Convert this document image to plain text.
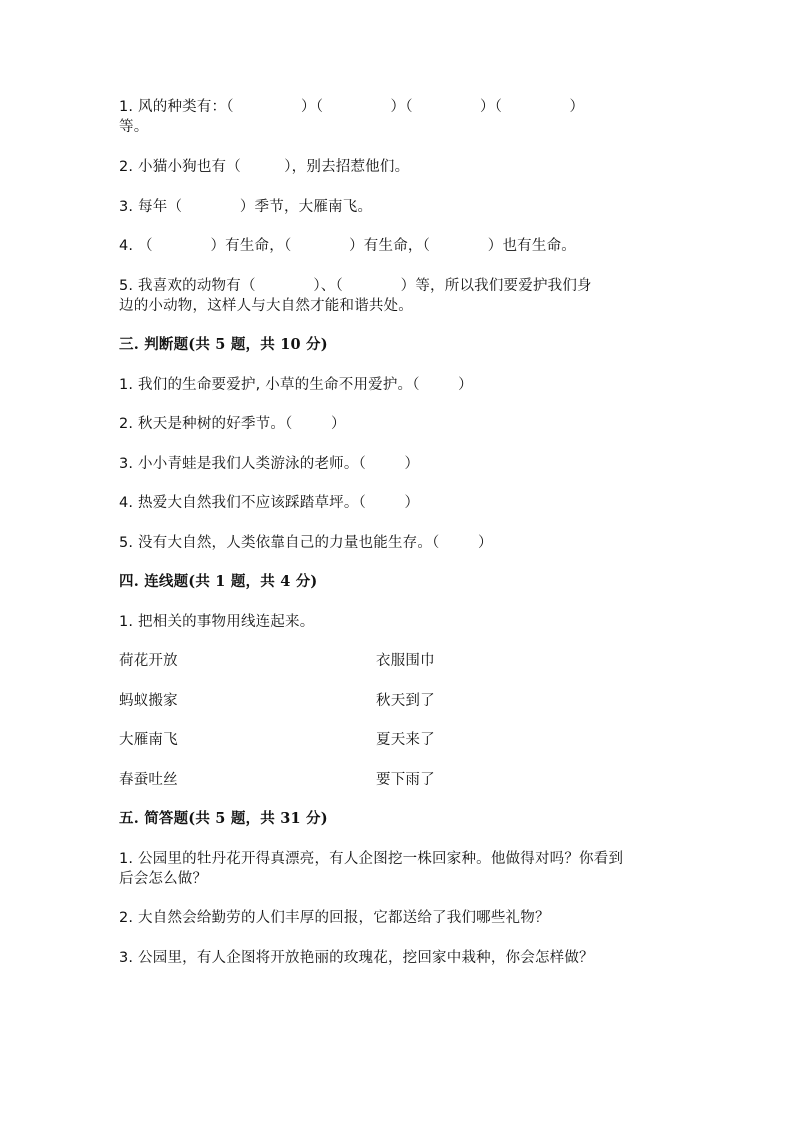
1. 风的种类有：（              ）（              ）（              ）（              ）
等。
2. 小猫小狗也有（         ），别去招惹他们。
3. 每年（            ）季节，大雁南飞。
4. （            ）有生命，（            ）有生命，（            ）也有生命。
5. 我喜欢的动物有（            ）、（            ）等，所以我们要爱护我们身
边的小动物，这样人与大自然才能和谐共处。
三. 判断题(共 5 题，共 10 分)
1. 我们的生命要爱护, 小草的生命不用爱护。（        ）
2. 秋天是种树的好季节。（        ）
3. 小小青蛙是我们人类游泳的老师。（        ）
4. 热爱大自然我们不应该踩踏草坪。（        ）
5. 没有大自然，人类依靠自己的力量也能生存。（        ）
四. 连线题(共 1 题，共 4 分)
1. 把相关的事物用线连起来。
荷花开放	衣服围巾
蚂蚁搬家	秋天到了
大雁南飞	夏天来了
春蚕吐丝	要下雨了
五. 简答题(共 5 题，共 31 分)
1. 公园里的牡丹花开得真漂亮，有人企图挖一株回家种。他做得对吗？你看到
后会怎么做？
2. 大自然会给勤劳的人们丰厚的回报，它都送给了我们哪些礼物？
3. 公园里，有人企图将开放艳丽的玫瑰花，挖回家中栽种，你会怎样做？
